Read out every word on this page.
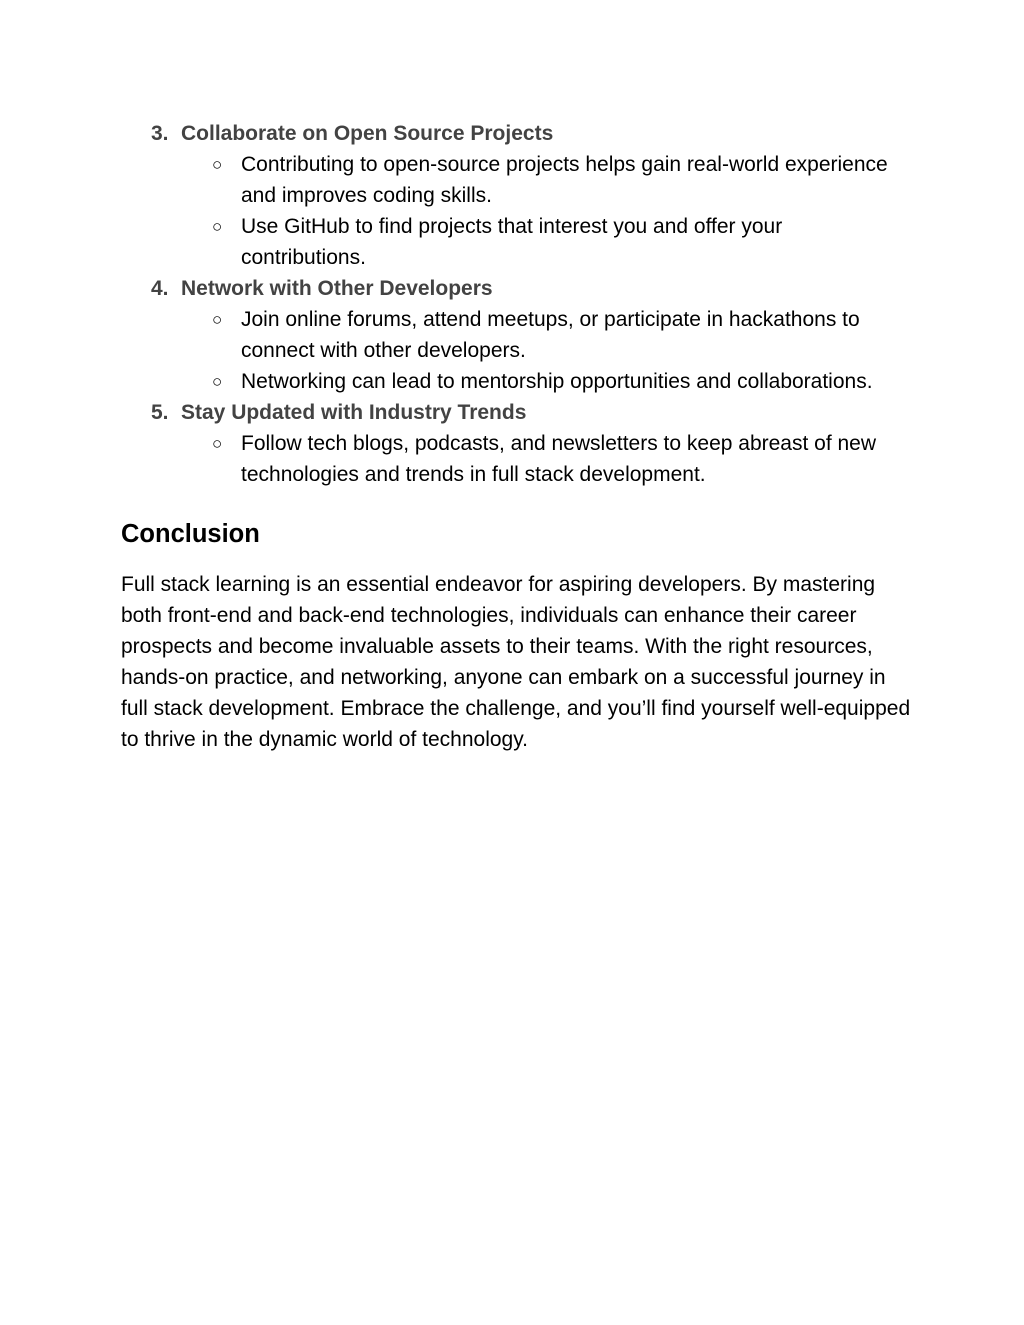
3. Collaborate on Open Source Projects
○ Contributing to open-source projects helps gain real-world experience and improves coding skills.
○ Use GitHub to find projects that interest you and offer your contributions.
4. Network with Other Developers
○ Join online forums, attend meetups, or participate in hackathons to connect with other developers.
○ Networking can lead to mentorship opportunities and collaborations.
5. Stay Updated with Industry Trends
○ Follow tech blogs, podcasts, and newsletters to keep abreast of new technologies and trends in full stack development.
Conclusion

Full stack learning is an essential endeavor for aspiring developers. By mastering both front-end and back-end technologies, individuals can enhance their career prospects and become invaluable assets to their teams. With the right resources, hands-on practice, and networking, anyone can embark on a successful journey in full stack development. Embrace the challenge, and you’ll find yourself well-equipped to thrive in the dynamic world of technology.
